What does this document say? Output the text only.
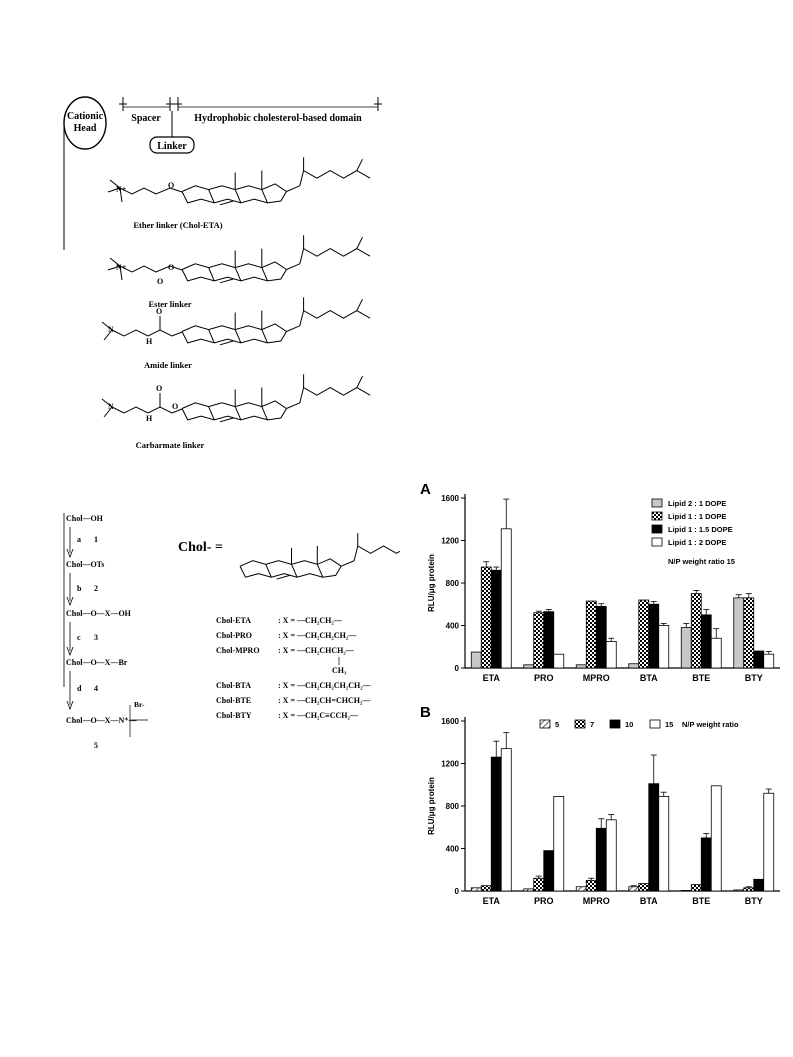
Cationic
Head
Spacer	Hydrophobic cholesterol-based domain
Linker
N+	O
N+
O
O
N
O
H
N
H
O
O
Ether linker (Chol-ETA)
Ester linker
Amide linker
Carbarmate linker
Chol—OH
Chol—OTs
Chol—O—X—OH
Chol—O—X—Br
Chol—O—X—N⁺—
Br-
a 1
b 2
c 3
d 4
5
Chol- =
Chol-ETA	: X = —CH₂CH₂—
Chol-PRO	: X = —CH₂CH₂CH₂—
Chol-MPRO : X = —CH₂CHCH₂—
CH₃
Chol-BTA	: X = —CH₂CH₂CH₂CH₂—
Chol-BTE	: X = —CH₂CH=CHCH₂—
Chol-BTY	: X = —CH₂C≡CCH₂—
A
0
400
800
1200
1600
RLU/μg protein
ETA	PRO	MPRO	BTA	BTE	BTY
Lipid 2 : 1 DOPE
Lipid 1 : 1 DOPE
Lipid 1 : 1.5 DOPE
Lipid 1 : 2 DOPE
N/P weight ratio 15
B
0
400
800
1200
1600
RLU/μg protein
ETA	PRO	MPRO	BTA	BTE	BTY
5	7	10	15 N/P weight ratio
